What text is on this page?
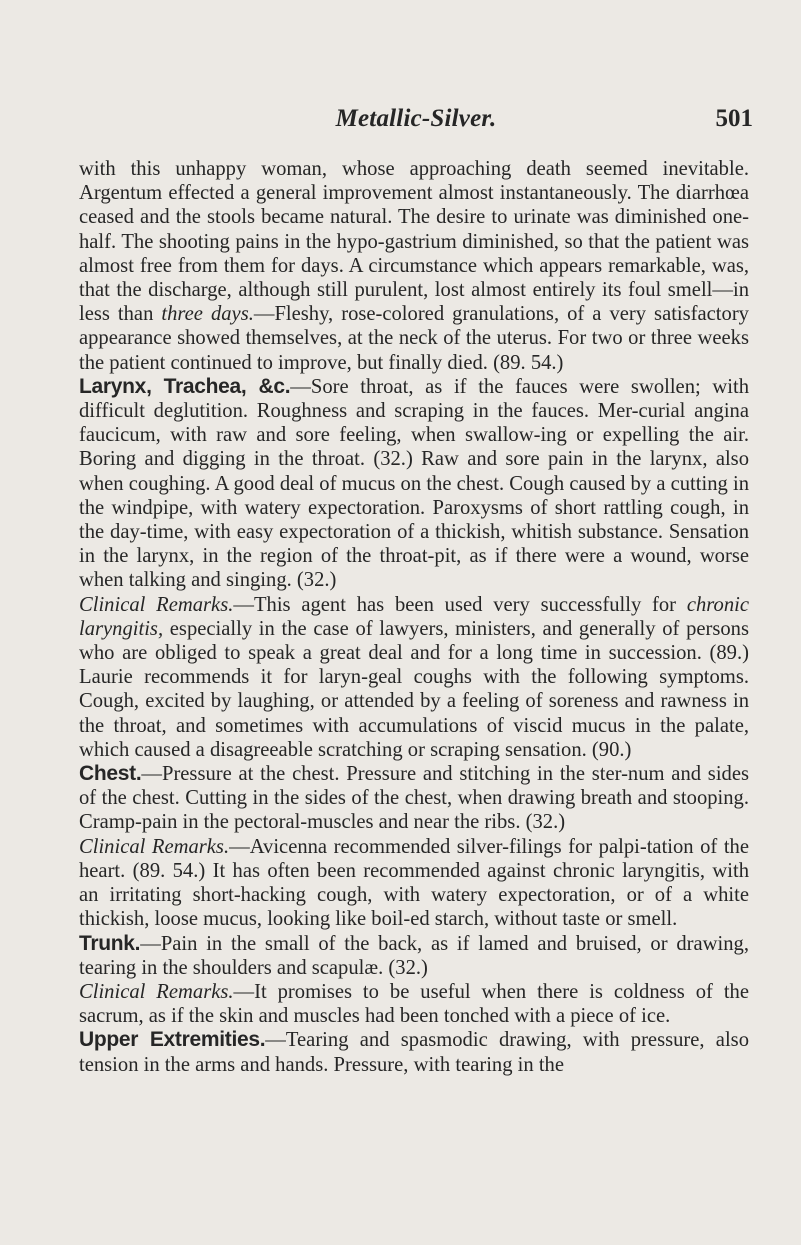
Metallic-Silver.	501

with this unhappy woman, whose approaching death seemed inevitable. Argentum effected a general improvement almost instantaneously. The diarrhœa ceased and the stools became natural. The desire to urinate was diminished one-half. The shooting pains in the hypo-gastrium diminished, so that the patient was almost free from them for days. A circumstance which appears remarkable, was, that the discharge, although still purulent, lost almost entirely its foul smell—in less than three days.—Fleshy, rose-colored granulations, of a very satisfactory appearance showed themselves, at the neck of the uterus. For two or three weeks the patient continued to improve, but finally died. (89. 54.)

Larynx, Trachea, &c.—Sore throat, as if the fauces were swollen; with difficult deglutition. Roughness and scraping in the fauces. Mer-curial angina faucicum, with raw and sore feeling, when swallow-ing or expelling the air. Boring and digging in the throat. (32.) Raw and sore pain in the larynx, also when coughing. A good deal of mucus on the chest. Cough caused by a cutting in the windpipe, with watery expectoration. Paroxysms of short rattling cough, in the day-time, with easy expectoration of a thickish, whitish substance. Sensation in the larynx, in the region of the throat-pit, as if there were a wound, worse when talking and singing. (32.)

Clinical Remarks.—This agent has been used very successfully for chronic laryngitis, especially in the case of lawyers, ministers, and generally of persons who are obliged to speak a great deal and for a long time in succession. (89.) Laurie recommends it for laryn-geal coughs with the following symptoms. Cough, excited by laughing, or attended by a feeling of soreness and rawness in the throat, and sometimes with accumulations of viscid mucus in the palate, which caused a disagreeable scratching or scraping sensation. (90.)

Chest.—Pressure at the chest. Pressure and stitching in the ster-num and sides of the chest. Cutting in the sides of the chest, when drawing breath and stooping. Cramp-pain in the pectoral-muscles and near the ribs. (32.)

Clinical Remarks.—Avicenna recommended silver-filings for palpi-tation of the heart. (89. 54.) It has often been recommended against chronic laryngitis, with an irritating short-hacking cough, with watery expectoration, or of a white thickish, loose mucus, looking like boil-ed starch, without taste or smell.

Trunk.—Pain in the small of the back, as if lamed and bruised, or drawing, tearing in the shoulders and scapulæ. (32.)

Clinical Remarks.—It promises to be useful when there is coldness of the sacrum, as if the skin and muscles had been tonched with a piece of ice.

Upper Extremities.—Tearing and spasmodic drawing, with pressure, also tension in the arms and hands. Pressure, with tearing in the
